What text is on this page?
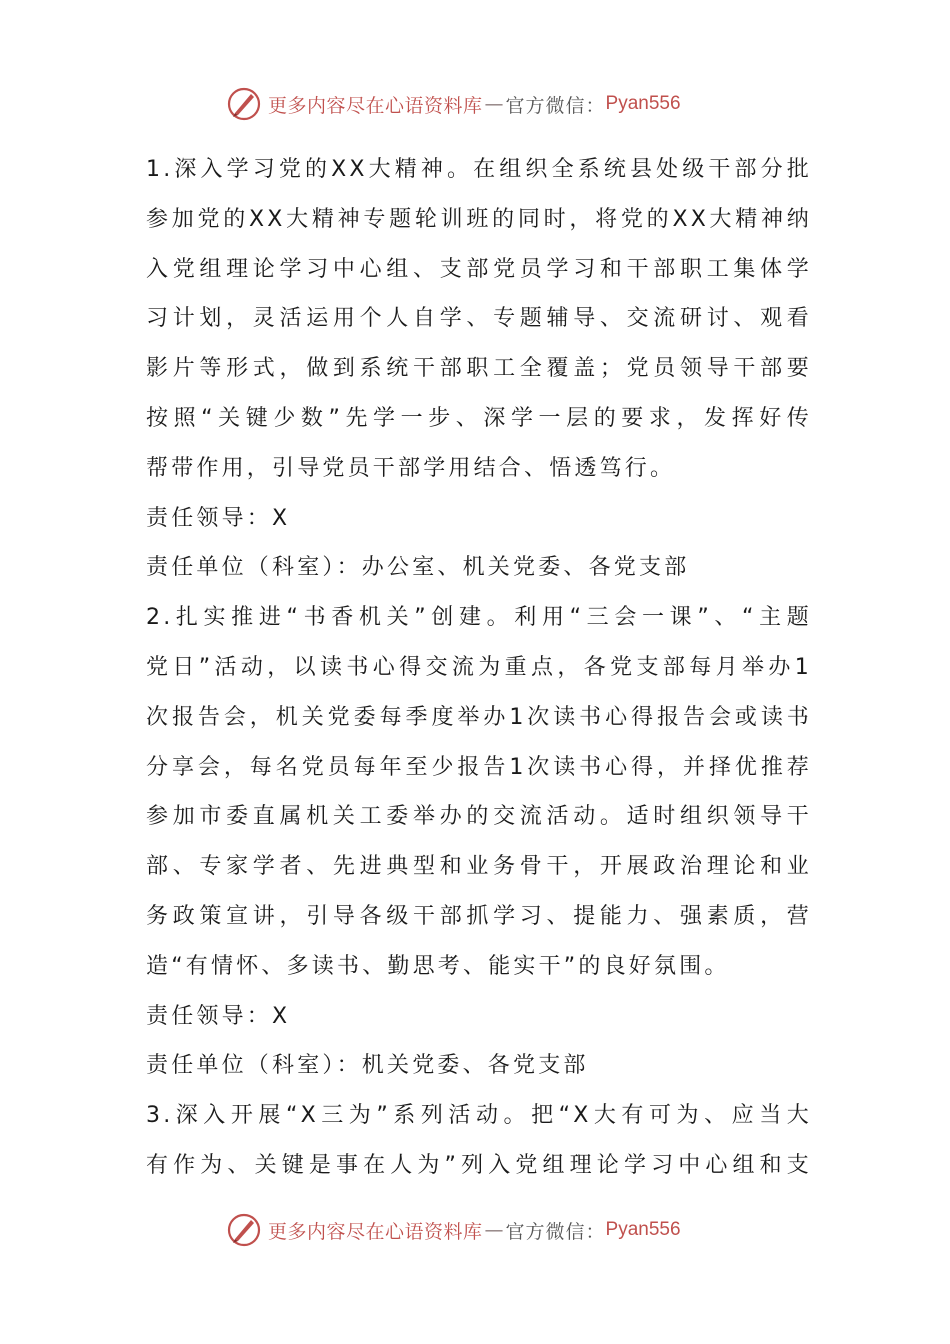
更多内容尽在心语资料库 — 官方微信： Pyan556
1.深入学习党的XX大精神。在组织全系统县处级干部分批
参加党的XX大精神专题轮训班的同时，将党的XX大精神纳
入党组理论学习中心组、支部党员学习和干部职工集体学
习计划，灵活运用个人自学、专题辅导、交流研讨、观看
影片等形式，做到系统干部职工全覆盖；党员领导干部要
按照“关键少数”先学一步、深学一层的要求，发挥好传
帮带作用，引导党员干部学用结合、悟透笃行。
责任领导：X
责任单位（科室）：办公室、机关党委、各党支部
2.扎实推进“书香机关”创建。利用“三会一课”、“主题
党日”活动，以读书心得交流为重点，各党支部每月举办1
次报告会，机关党委每季度举办1次读书心得报告会或读书
分享会，每名党员每年至少报告1次读书心得，并择优推荐
参加市委直属机关工委举办的交流活动。适时组织领导干
部、专家学者、先进典型和业务骨干，开展政治理论和业
务政策宣讲，引导各级干部抓学习、提能力、强素质，营
造“有情怀、多读书、勤思考、能实干”的良好氛围。
责任领导：X
责任单位（科室）：机关党委、各党支部
3.深入开展“X三为”系列活动。把“X大有可为、应当大
有作为、关键是事在人为”列入党组理论学习中心组和支
更多内容尽在心语资料库 — 官方微信： Pyan556
